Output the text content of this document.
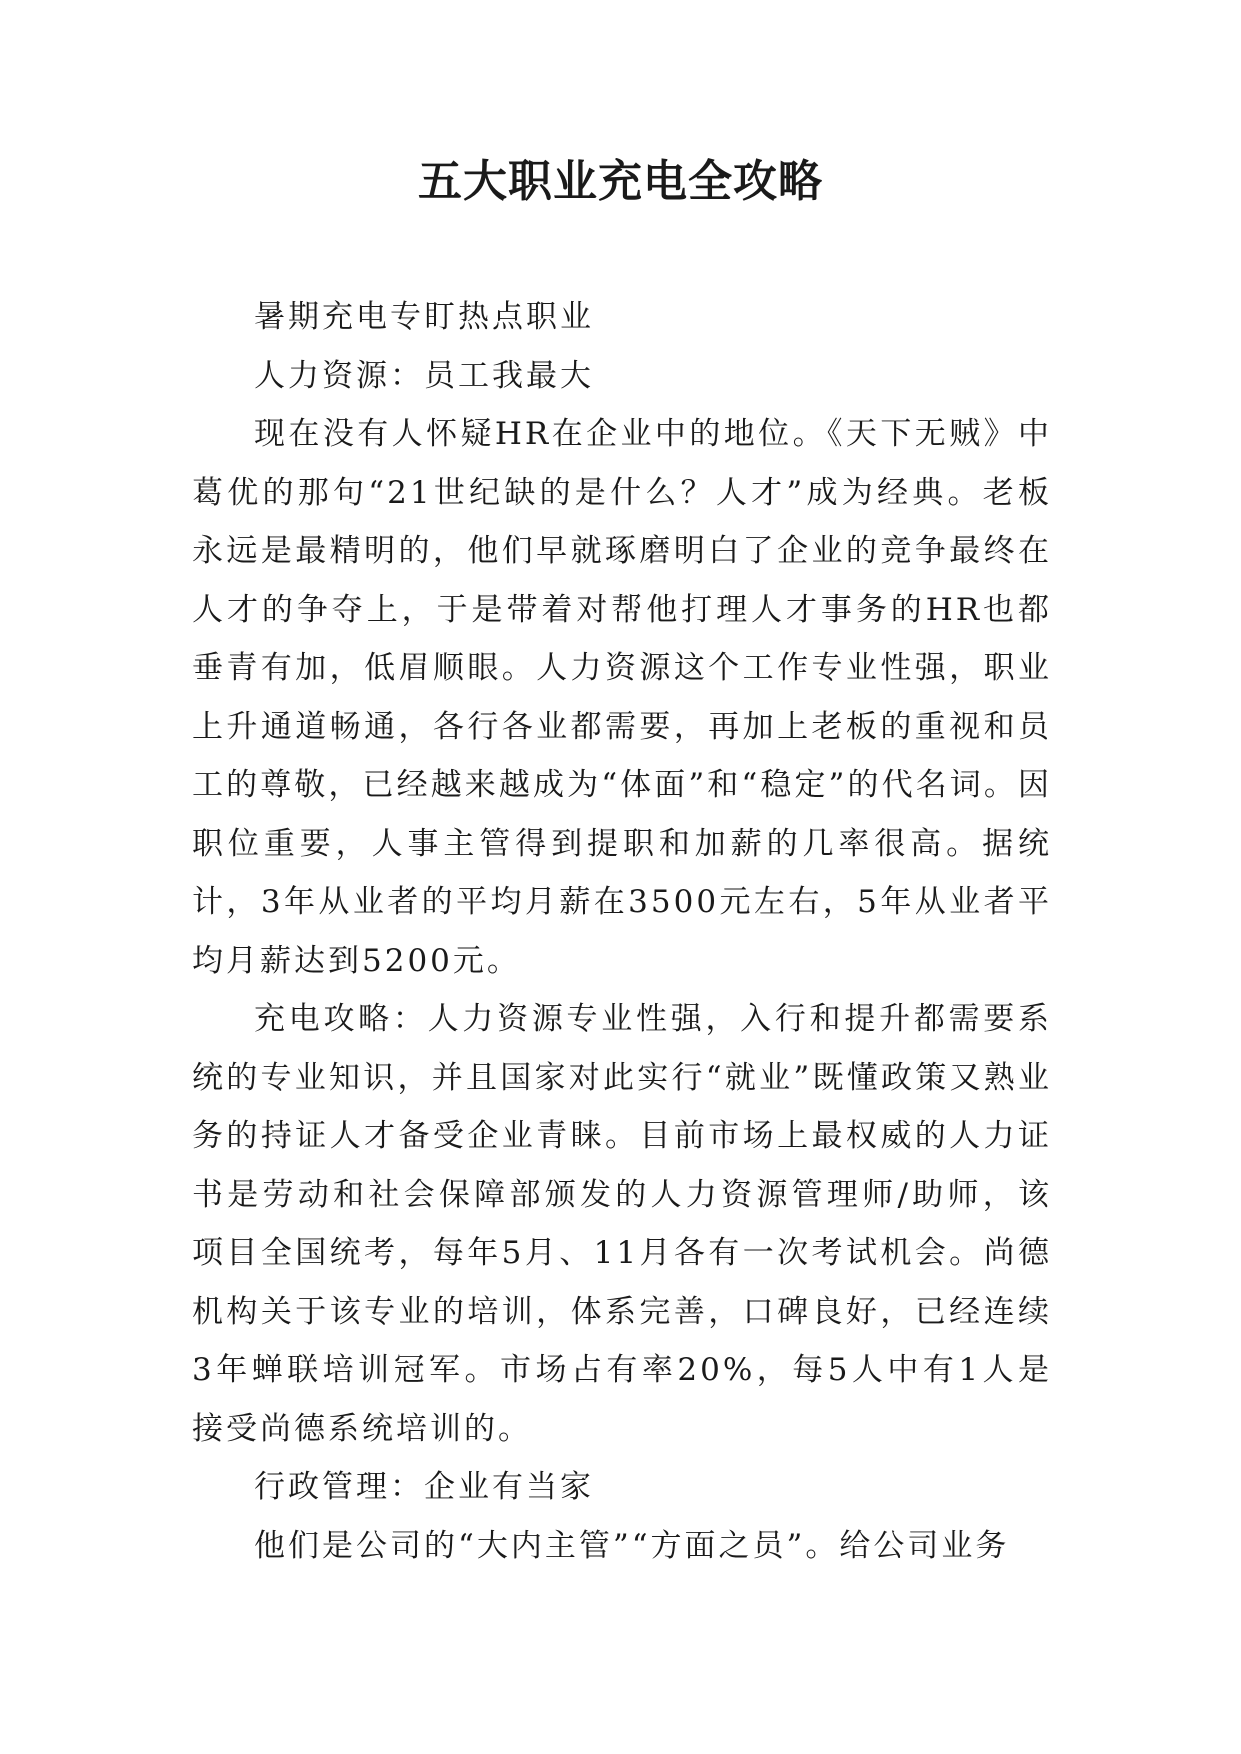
五大职业充电全攻略

暑期充电专盯热点职业

人力资源：员工我最大

现在没有人怀疑HR在企业中的地位。《天下无贼》中葛优的那句“21世纪缺的是什么？人才”成为经典。老板永远是最精明的，他们早就琢磨明白了企业的竞争最终在人才的争夺上，于是带着对帮他打理人才事务的HR也都垂青有加，低眉顺眼。人力资源这个工作专业性强，职业上升通道畅通，各行各业都需要，再加上老板的重视和员工的尊敬，已经越来越成为“体面”和“稳定”的代名词。因职位重要，人事主管得到提职和加薪的几率很高。据统计，3年从业者的平均月薪在3500元左右，5年从业者平均月薪达到5200元。

充电攻略：人力资源专业性强，入行和提升都需要系统的专业知识，并且国家对此实行“就业”既懂政策又熟业务的持证人才备受企业青睐。目前市场上最权威的人力证书是劳动和社会保障部颁发的人力资源管理师/助师，该项目全国统考，每年5月、11月各有一次考试机会。尚德机构关于该专业的培训，体系完善，口碑良好，已经连续3年蝉联培训冠军。市场占有率20%，每5人中有1人是接受尚德系统培训的。

行政管理：企业有当家

他们是公司的“大内主管”“方面之员”。给公司业务
